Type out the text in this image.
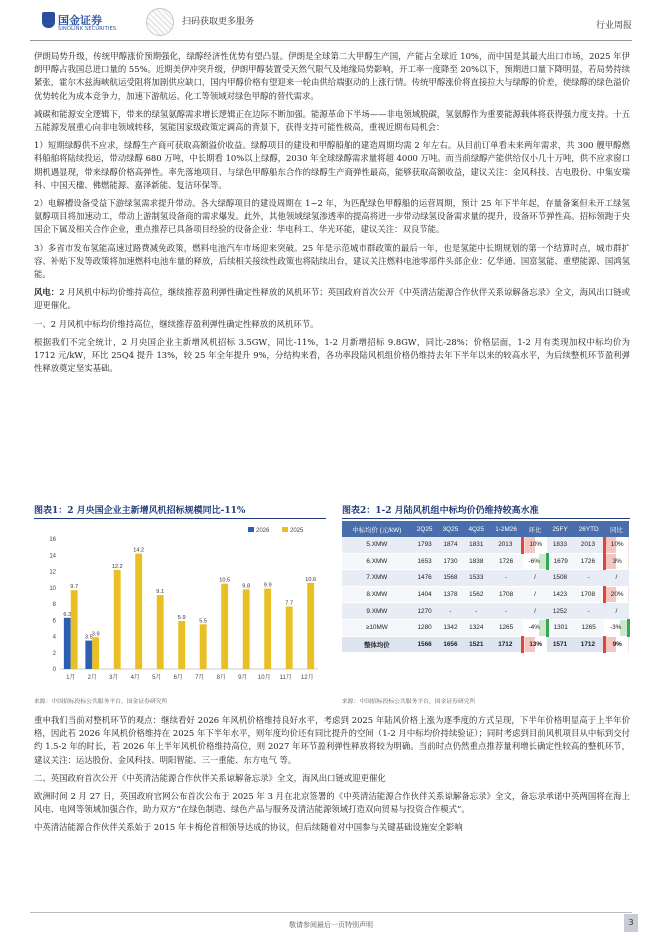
国金证券
SINOLINK SECURITIES
扫码获取更多服务	行业周报

伊朗局势升级，传统甲醇涨价预期强化，绿醇经济性优势有望凸显。伊朗是全球第二大甲醇生产国，产能占全球近 10%，而中国是其最大出口市场，2025 年伊朗甲醇占我国总进口量的 55%。近期美伊冲突升级，伊朗甲醇装置受天然气限气及地缘局势影响，开工率一度降至 20%以下，预期进口量下降明显，若局势持续紧张，霍尔木兹海峡航运受阻将加剧供应缺口，国内甲醇价格有望迎来一轮由供给端驱动的上涨行情。传统甲醇涨价将直接拉大与绿醇的价差，使绿醇的绿色溢价优势转化为成本竞争力，加速下游航运、化工等领域对绿色甲醇的替代需求。

减碳和能源安全逻辑下，带来的绿氢氨醇需求增长逻辑正在边际不断加强。能源革命下半场——非电领域脱碳，氢氨醇作为重要能源载体将获得强力度支持。十五五能源发展重心向非电领域转移，氢能国家级政策定调高的背景下，获得支持可能性极高，重视近期布局机会：

1）短期绿醇供不应求，绿醇生产商可获取高额溢价收益。绿醇项目的建设和甲醇船舶的建造周期均需 2 年左右。从目前订单看未来两年需求，共 300 艘甲醇燃料船舶将陆续投运，带动绿醇 680 万吨，中长期看 10%以上绿醇，2030 年全球绿醇需求量将超 4000 万吨。而当前绿醇产能供给仅小几十万吨，供不应求窗口期机遇显现，带来绿醇价格高弹性。率先落地项目、与绿色甲醇船东合作的绿醇生产商弹性最高，能够获取高额收益，建议关注：金风科技、吉电股份、中集安瑞科、中国天楹、佛燃能源、嘉泽新能、复洁环保等。

2）电解槽设备受益下游绿氢需求提升带动。各大绿醇项目的建设周期在 1~2 年，为匹配绿色甲醇船的运营周期，预计 25 年下半年起，存量备案但未开工绿氢氨醇项目将加速动工，带动上游制氢设备商的需求爆发。此外，其他领域绿氢渗透率的提高将进一步带动绿氢设备需求量的提升，设备环节弹性高。招标领跑于央国企下属及相关合作企业，重点推荐已具备项目经验的设备企业：华电科工、华光环能，建议关注：双良节能。

3）多省市发布氢能高速过路费减免政策，燃料电池汽车市场迎来突破。25 年是示范城市群政策的最后一年，也是氢能中长期规划的第一个结算时点，城市群扩容、补贴下发等政策将加速燃料电池车量的释放，后续相关接续性政策也将陆续出台，建议关注燃料电池零部件头部企业：亿华通、国富氢能、重塑能源、国鸿氢能。

风电：2 月风机中标均价维持高位，继续推荐盈利弹性确定性释放的风机环节；英国政府首次公开《中英清洁能源合作伙伴关系谅解备忘录》全文，海风出口链或迎更催化。

一、2 月风机中标均价维持高位，继续推荐盈利弹性确定性释放的风机环节。

根据我们不完全统计，2 月央国企业主新增风机招标 3.5GW，同比-11%，1-2 月新增招标 9.8GW，同比-28%；价格层面，1-2 月有类现加权中标均价为 1712 元/kW，环比 25Q4 提升 13%，较 25 年全年提升 9%，分结构来看，各功率段陆风机组价格仍维持去年下半年以来的较高水平，为后续整机环节盈利弹性释放奠定坚实基础。

图表1：2 月央国企业主新增风机招标规模同比-11%	图表2：1-2 月陆风机组中标均价仍维持较高水准
0
2
4
6
8
10
12
14
16
1月 2月 3月 4月 5月 6月 7月 8月 9月 10月 11月 12月
6.3
3.5
9.7
3.9
12.2
14.2
9.1
5.9
5.5
10.5
9.8 9.9
7.7
10.6
2026	2025	中标均价 (元/kW)	2Q25	3Q25	4Q25	1-2M26	环比	25FY	26YTD	同比
5.XMW	1793	1874	1831	2013	10%	1833	2013	10%
6.XMW	1653	1730	1838	1726	-6%	1679	1726	3%
7.XMW	1476	1568	1533	-	/	1508	-	/
8.XMW	1404	1378	1562	1708	/	1423	1708	20%
9.XMW	1270	-	-	-	/	1252	-	/
≥10MW	1280	1342	1324	1265	-4%	1301	1265	-3%
整体均价	1566	1656	1521	1712	13%	1571	1712	9%
来源：中国招标投标公共服务平台，国金证券研究所	来源：中国招标投标公共服务平台，国金证券研究所

重申我们当前对整机环节的观点：继续看好 2026 年风机价格维持良好水平，考虑到 2025 年陆风价格上涨为逐季度的方式呈现，下半年价格明显高于上半年价格，因此若 2026 年风机价格维持在 2025 年下半年水平，则年度均价还有同比提升的空间（1-2 月中标均价持续验证）；同时考虑到目前风机项目从中标到交付约 1.5-2 年的时长，若 2026 年上半年风机价格维持高位，则 2027 年环节盈利弹性释放将较为明确。当前时点仍然重点推荐量利增长确定性较高的整机环节，建议关注：运达股份、金风科技、明阳智能、三一重能、东方电气 等。

二、英国政府首次公开《中英清洁能源合作伙伴关系谅解备忘录》全文，海风出口链或迎更催化

欧洲时间 2 月 27 日，英国政府官网公布首次公布于 2025 年 3 月在北京签署的《中英清洁能源合作伙伴关系谅解备忘录》全文，备忘录承诺中英两国将在海上风电、电网等领域加强合作，助力双方“在绿色制造、绿色产品与服务及清洁能源领域打造双向贸易与投资合作模式”。

中英清洁能源合作伙伴关系始于 2015 年卡梅伦首相领导达成的协议，但后续随着对中国参与关键基础设施安全影响

敬请参阅最后一页特别声明	3
